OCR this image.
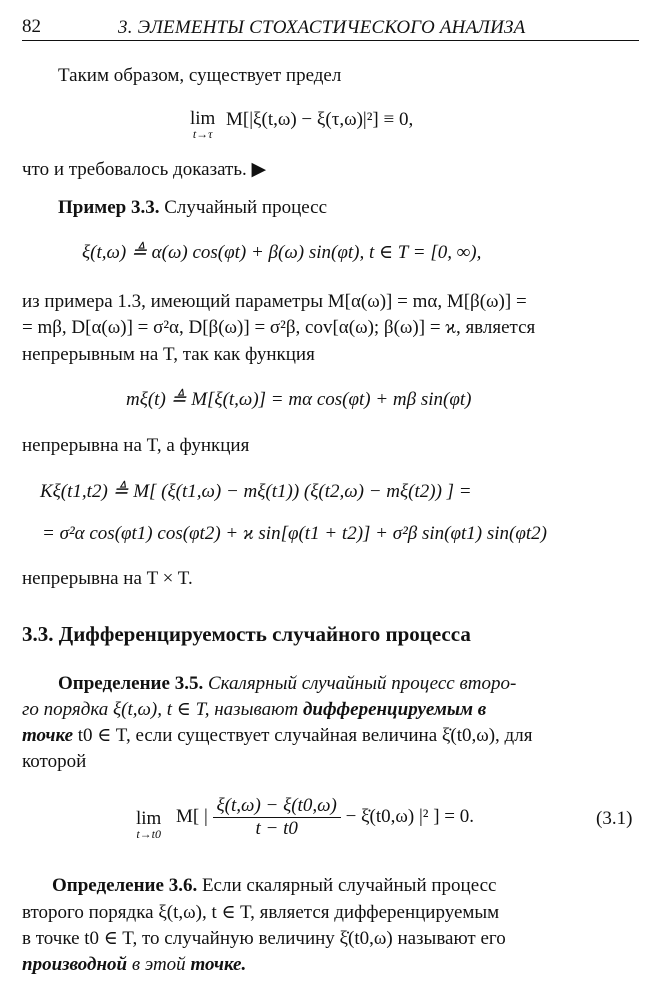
82	3. ЭЛЕМЕНТЫ СТОХАСТИЧЕСКОГО АНАЛИЗА
Таким образом, существует предел
lim
t→τ
M[|ξ(t,ω) − ξ(τ,ω)|²] ≡ 0,
что и требовалось доказать. ▶
Пример 3.3. Случайный процесс
ξ(t,ω) ≜ α(ω) cos(φt) + β(ω) sin(φt), t ∈ T = [0, ∞),
из примера 1.3, имеющий параметры M[α(ω)] = mα, M[β(ω)] =
= mβ, D[α(ω)] = σ²α, D[β(ω)] = σ²β, cov[α(ω); β(ω)] = ϰ, является
непрерывным на T, так как функция
mξ(t) ≜ M[ξ(t,ω)] = mα cos(φt) + mβ sin(φt)
непрерывна на T, а функция
Kξ(t1,t2) ≜ M[ (ξ(t1,ω) − mξ(t1)) (ξ(t2,ω) − mξ(t2)) ] =
= σ²α cos(φt1) cos(φt2) + ϰ sin[φ(t1 + t2)] + σ²β sin(φt1) sin(φt2)
непрерывна на T × T.
3.3. Дифференцируемость случайного процесса
Определение 3.5. Скалярный случайный процесс второ-
го порядка ξ(t,ω), t ∈ T, называют дифференцируемым в
точке t0 ∈ T, если существует случайная величина ξ̇(t0,ω), для
которой
lim
t→t0
M[ | $\frac{\xi(t,\omega) - \xi(t0,\omega)}{t - t0}$ − ξ̇(t0,ω) |² ] = 0.	(3.1)
Определение 3.6. Если скалярный случайный процесс
второго порядка ξ(t,ω), t ∈ T, является дифференцируемым
в точке t0 ∈ T, то случайную величину ξ̇(t0,ω) называют его
производной в этой точке.
